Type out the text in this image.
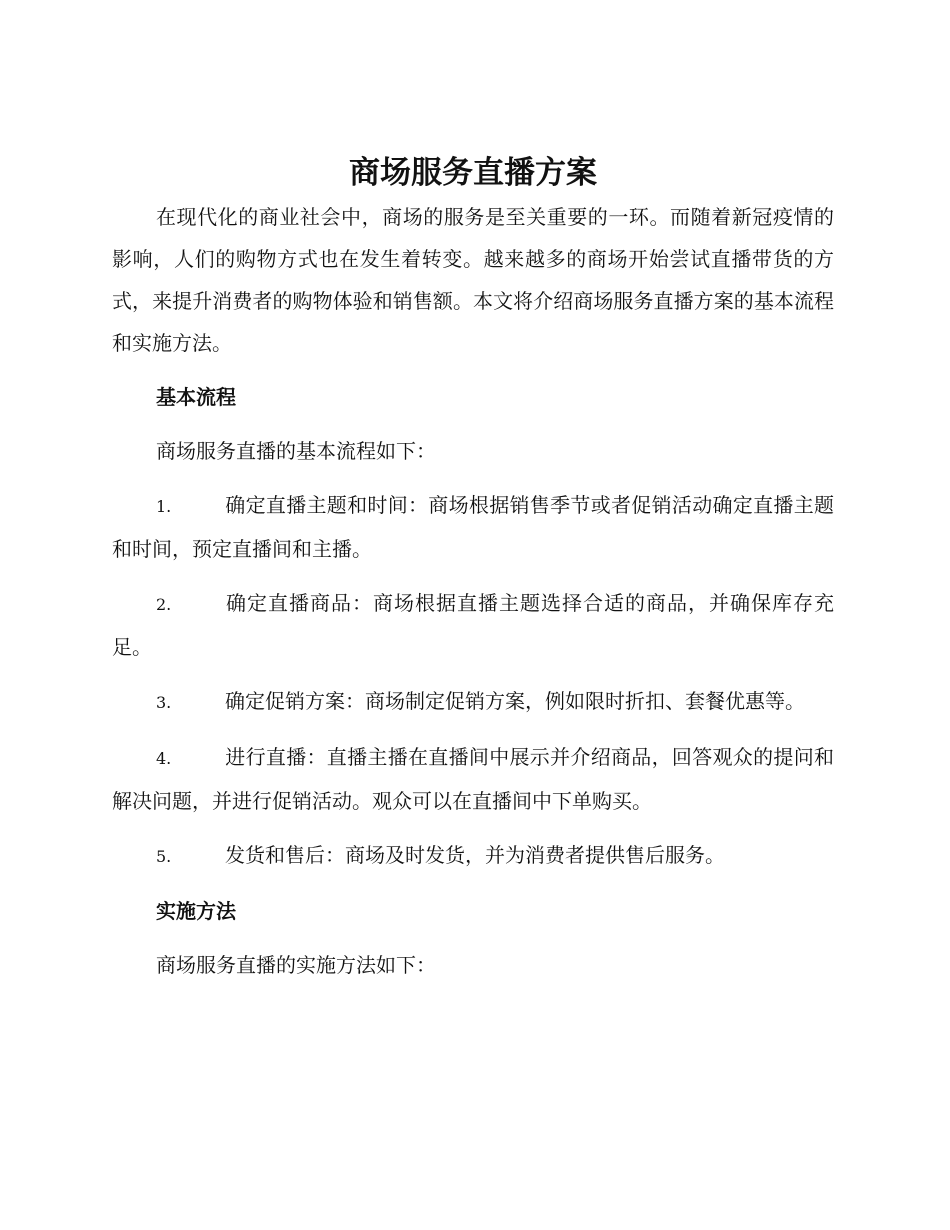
商场服务直播方案

在现代化的商业社会中，商场的服务是至关重要的一环。而随着新冠疫情的影响，人们的购物方式也在发生着转变。越来越多的商场开始尝试直播带货的方式，来提升消费者的购物体验和销售额。本文将介绍商场服务直播方案的基本流程和实施方法。

基本流程

商场服务直播的基本流程如下：

1.	确定直播主题和时间：商场根据销售季节或者促销活动确定直播主题和时间，预定直播间和主播。
2.	确定直播商品：商场根据直播主题选择合适的商品，并确保库存充足。
3.	确定促销方案：商场制定促销方案，例如限时折扣、套餐优惠等。
4.	进行直播：直播主播在直播间中展示并介绍商品，回答观众的提问和解决问题，并进行促销活动。观众可以在直播间中下单购买。
5.	发货和售后：商场及时发货，并为消费者提供售后服务。
实施方法

商场服务直播的实施方法如下：
